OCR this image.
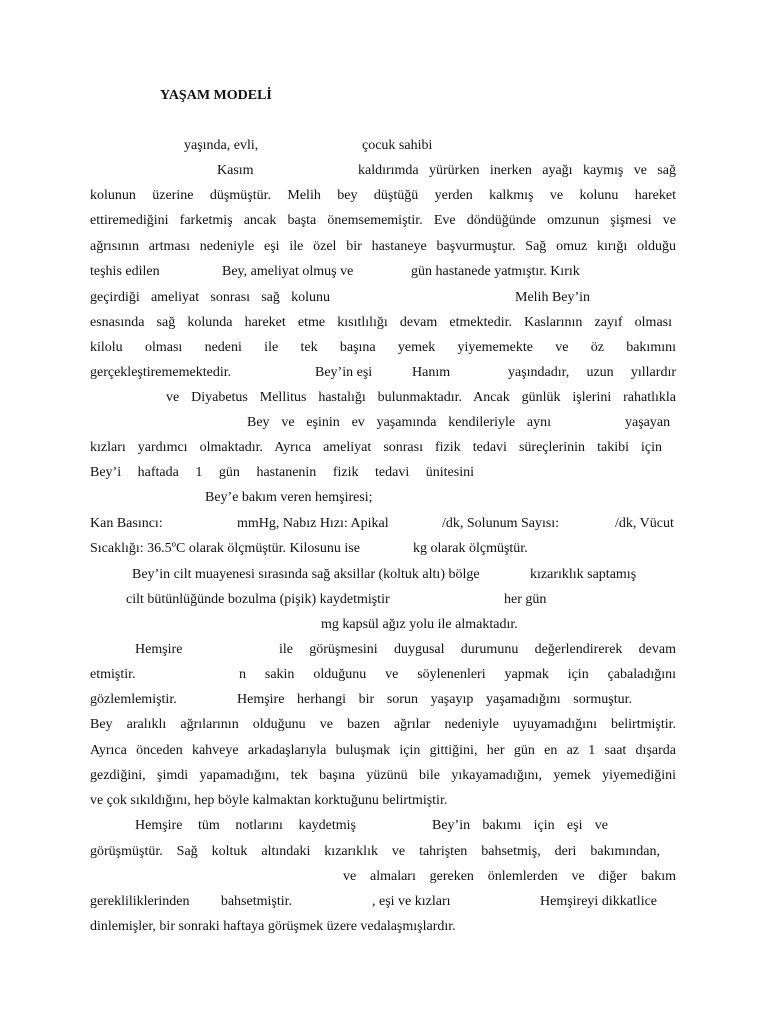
YAŞAM MODELİ
yaşında, evli,	çocuk sahibi
Kasım	kaldırımda yürürken inerken ayağı kaymış ve sağ
kolunun üzerine düşmüştür. Melih bey düştüğü yerden kalkmış ve kolunu hareket
ettiremediğini farketmiş ancak başta önemsememiştir. Eve döndüğünde omzunun şişmesi ve
ağrısının artması nedeniyle eşi ile özel bir hastaneye başvurmuştur. Sağ omuz kırığı olduğu
teşhis edilen	Bey, ameliyat olmuş ve	gün hastanede yatmıştır. Kırık
geçirdiği ameliyat sonrası sağ kolunu	Melih Bey’in
esnasında sağ kolunda hareket etme kısıtlılığı devam etmektedir. Kaslarının zayıf olması
kilolu olması nedeni ile tek başına yemek yiyememekte ve öz bakımını
gerçekleştirememektedir.	Bey’in eşi	Hanım	yaşındadır, uzun yıllardır
ve Diyabetus Mellitus hastalığı bulunmaktadır. Ancak günlük işlerini rahatlıkla
Bey ve eşinin ev yaşamında kendileriyle aynı	yaşayan
kızları yardımcı olmaktadır. Ayrıca ameliyat sonrası fizik tedavi süreçlerinin takibi için
Bey’i haftada 1 gün hastanenin fizik tedavi ünitesini
Bey’e bakım veren hemşiresi;
Kan Basıncı:	mmHg, Nabız Hızı: Apikal	/dk, Solunum Sayısı:	/dk, Vücut
Sıcaklığı: 36.5ºC olarak ölçmüştür. Kilosunu ise	kg olarak ölçmüştür.
Bey’in cilt muayenesi sırasında sağ aksillar (koltuk altı) bölge	kızarıklık saptamış
cilt bütünlüğünde bozulma (pişik) kaydetmiştir	her gün
mg kapsül ağız yolu ile almaktadır.
Hemşire	ile görüşmesini duygusal durumunu değerlendirerek devam
etmiştir.	n sakin olduğunu ve söylenenleri yapmak için çabaladığını
gözlemlemiştir.	Hemşire herhangi bir sorun yaşayıp yaşamadığını sormuştur.
Bey aralıklı ağrılarının olduğunu ve bazen ağrılar nedeniyle uyuyamadığını belirtmiştir.
Ayrıca önceden kahveye arkadaşlarıyla buluşmak için gittiğini, her gün en az 1 saat dışarda
gezdiğini, şimdi yapamadığını, tek başına yüzünü bile yıkayamadığını, yemek yiyemediğini
ve çok sıkıldığını, hep böyle kalmaktan korktuğunu belirtmiştir.
Hemşire tüm notlarını kaydetmiş	Bey’in bakımı için eşi ve
görüşmüştür. Sağ koltuk altındaki kızarıklık ve tahrişten bahsetmiş, deri bakımından,
ve almaları gereken önlemlerden ve diğer bakım
gerekliliklerinden bahsetmiştir.	, eşi ve kızları	Hemşireyi dikkatlice
dinlemişler, bir sonraki haftaya görüşmek üzere vedalaşmışlardır.
